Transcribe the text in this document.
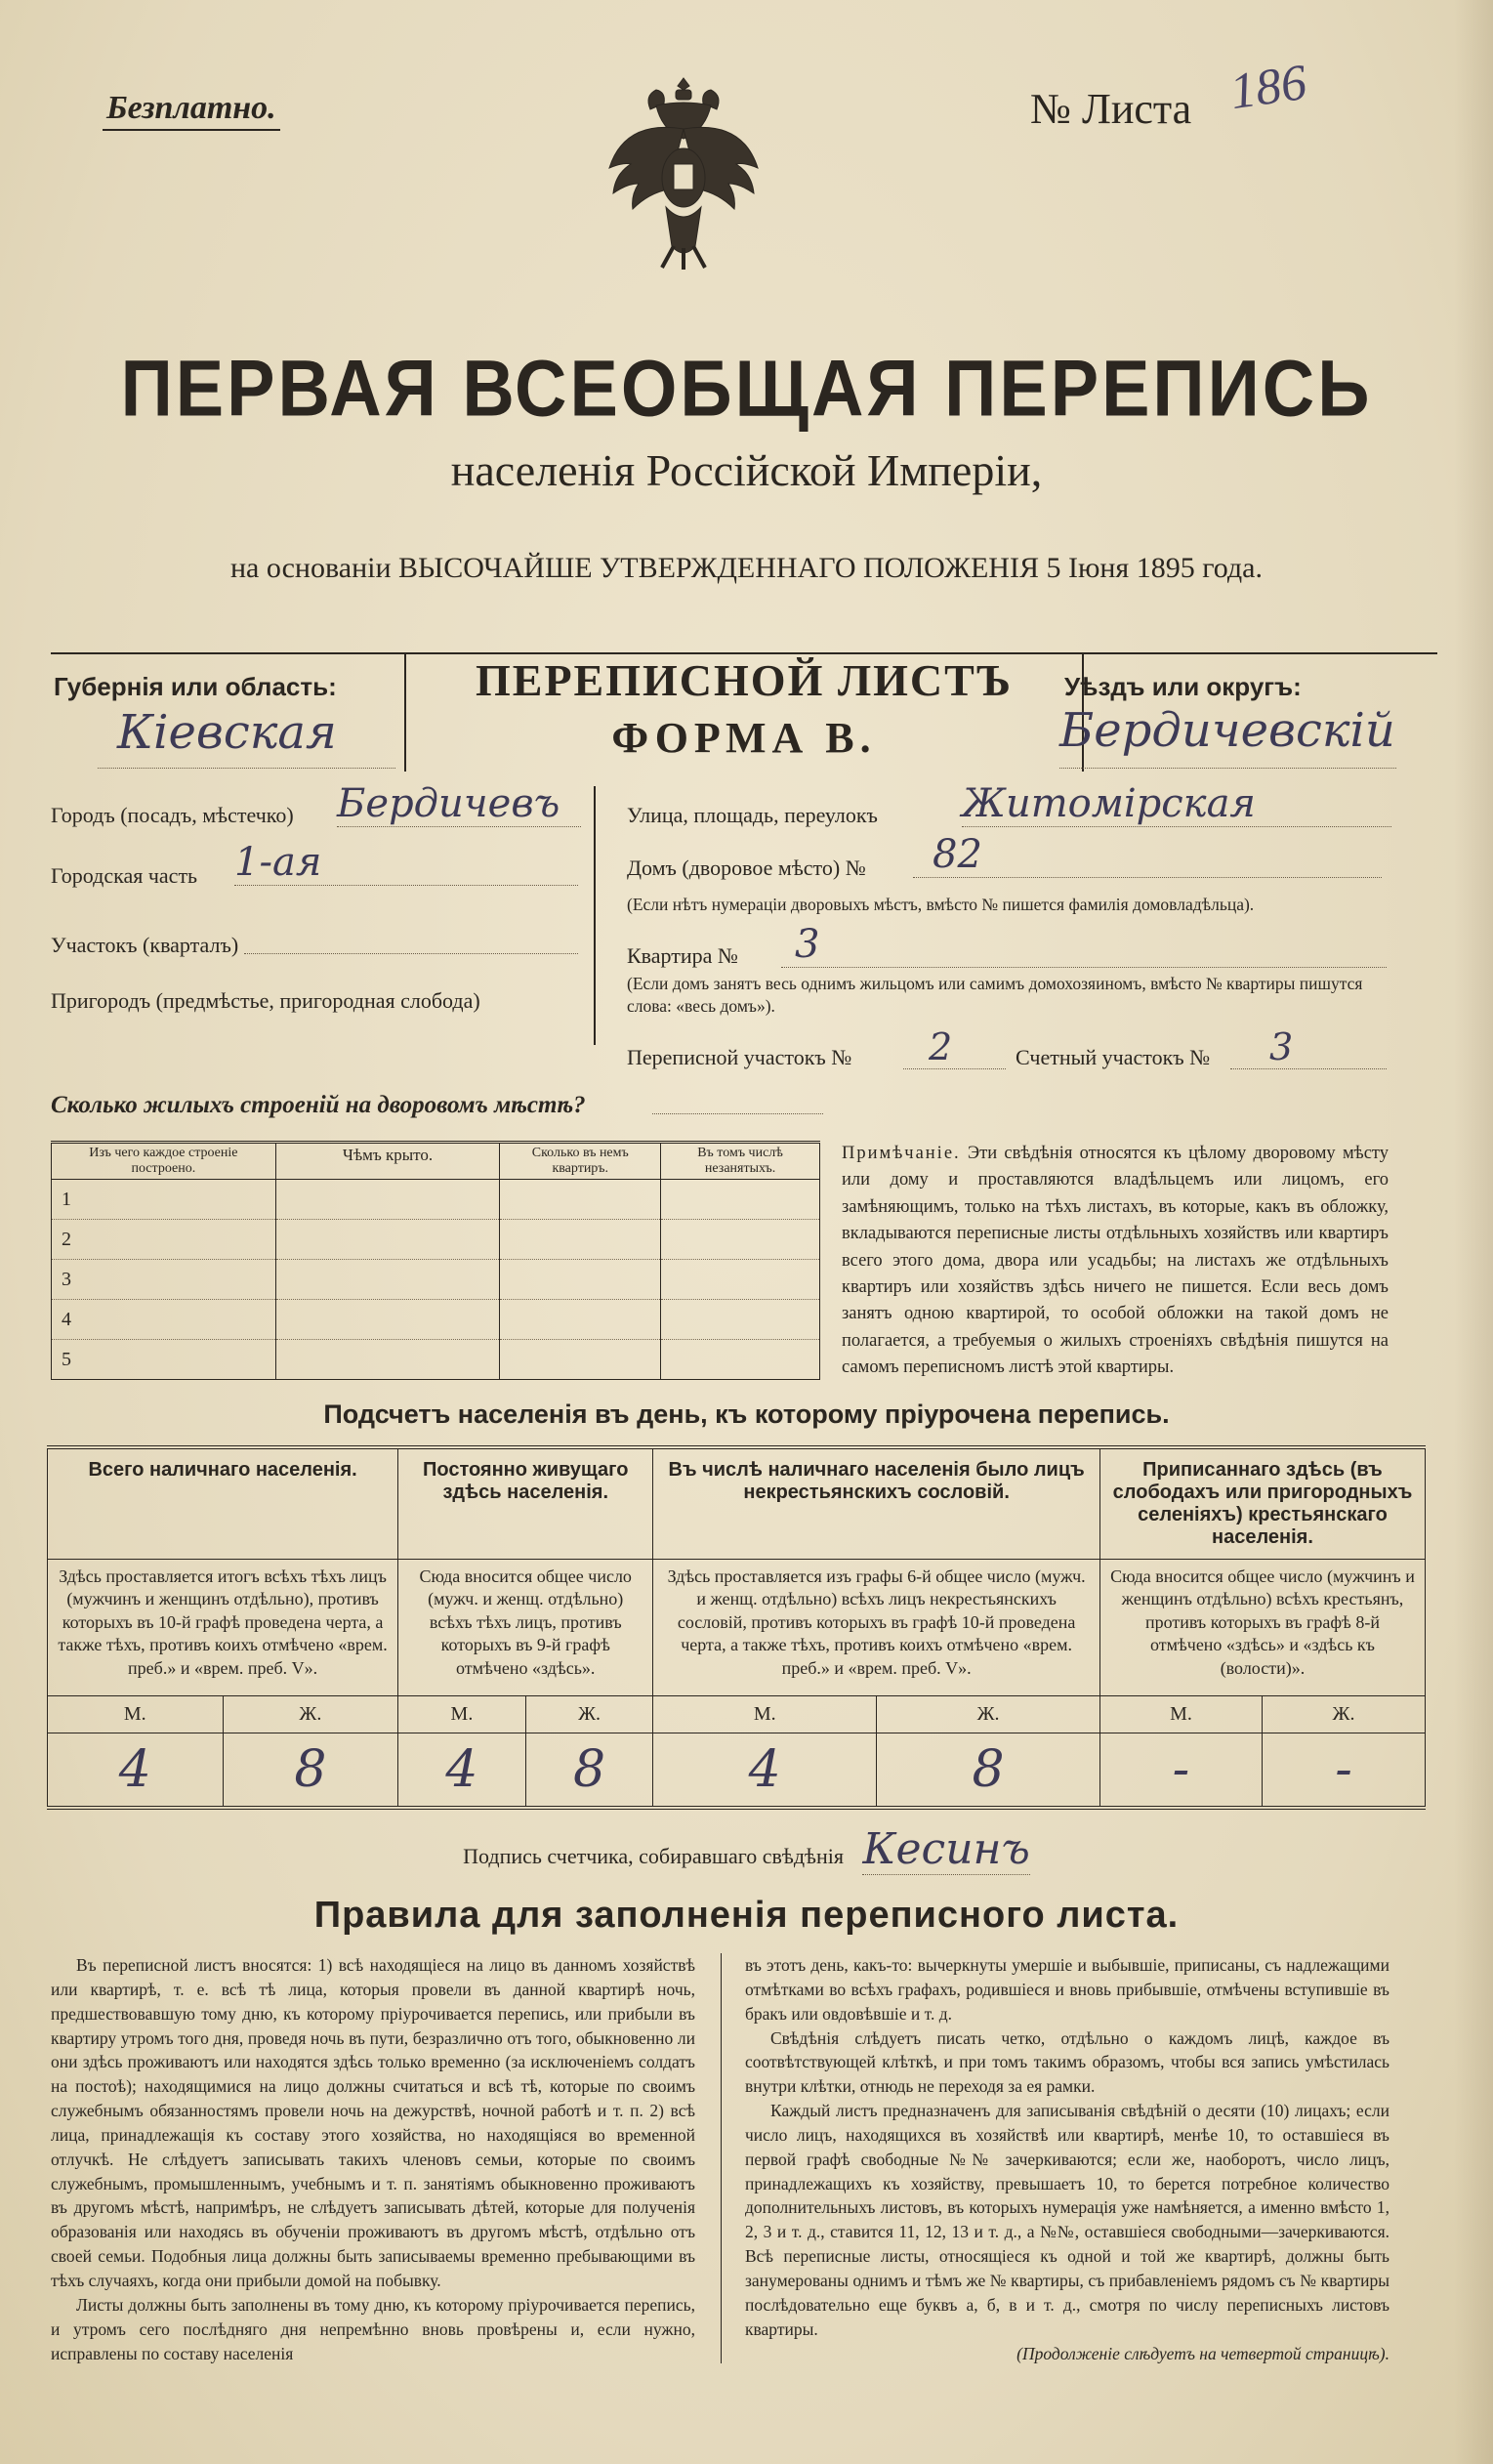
Безплатно.	№ Листа 186
ПЕРВАЯ ВСЕОБЩАЯ ПЕРЕПИСЬ
населенія Россійской Имперіи,
на основаніи ВЫСОЧАЙШЕ УТВЕРЖДЕННАГО ПОЛОЖЕНІЯ 5 Іюня 1895 года.
ПЕРЕПИСНОЙ ЛИСТЪ
ФОРМА В.
Губернія или область:
Кіевская
Уѣздъ или округъ:
Бердичевскій
Городъ (посадъ, мѣстечко) Бердичевъ
Городская часть 1-ая
Участокъ (кварталъ)
Пригородъ (предмѣстье, пригородная слобода)
Улица, площадь, переулокъ Житомірская
Домъ (дворовое мѣсто) №	82
(Если нѣтъ нумераціи дворовыхъ мѣстъ, вмѣсто № пишется фамилія домовладѣльца).
Квартира №	3
(Если домъ занятъ весь однимъ жильцомъ или самимъ домохозяиномъ, вмѣсто № квартиры пишутся слова: «весь домъ»).
Переписной участокъ №	2	Счетный участокъ №	3
Сколько жилыхъ строеній на дворовомъ мѣстѣ?
Изъ чего каждое строеніе построено.	Чѣмъ крыто.	Сколько въ немъ квартиръ.	Въ томъ числѣ незанятыхъ.
1			
2			
3			
4			
5			
Примѣчаніе. Эти свѣдѣнія относятся къ цѣлому дворовому мѣсту или дому и проставляются владѣльцемъ или лицомъ, его замѣняющимъ, только на тѣхъ листахъ, въ которые, какъ въ обложку, вкладываются переписные листы отдѣльныхъ хозяйствъ или квартиръ всего этого дома, двора или усадьбы; на листахъ же отдѣльныхъ квартиръ или хозяйствъ здѣсь ничего не пишется. Если весь домъ занятъ одною квартирой, то особой обложки на такой домъ не полагается, а требуемыя о жилыхъ строеніяхъ свѣдѣнія пишутся на самомъ переписномъ листѣ этой квартиры.
Подсчетъ населенія въ день, къ которому пріурочена перепись.
Всего наличнаго населенія.		Постоянно живущаго здѣсь населенія.		Въ числѣ наличнаго населенія было лицъ некрестьянскихъ сословій.		Приписаннаго здѣсь (въ слободахъ или пригородныхъ селеніяхъ) крестьянскаго населенія.	
Здѣсь проставляется итогъ всѣхъ тѣхъ лицъ (мужчинъ и женщинъ отдѣльно), противъ которыхъ въ 10-й графѣ проведена черта, а также тѣхъ, противъ коихъ отмѣчено «врем. преб.» и «врем. преб. V».		Сюда вносится общее число (мужч. и женщ. отдѣльно) всѣхъ тѣхъ лицъ, противъ которыхъ въ 9-й графѣ отмѣчено «здѣсь».		Здѣсь проставляется изъ графы 6-й общее число (мужч. и женщ. отдѣльно) всѣхъ лицъ некрестьянскихъ сословій, противъ которыхъ въ графѣ 10-й проведена черта, а также тѣхъ, противъ коихъ отмѣчено «врем. преб.» и «врем. преб. V».		Сюда вносится общее число (мужчинъ и женщинъ отдѣльно) всѣхъ крестьянъ, противъ которыхъ въ графѣ 8-й отмѣчено «здѣсь» и «здѣсь къ (волости)».	
М.	Ж.	М.	Ж.	М.	Ж.	М.	Ж.
4	8	4	8	4	8	-	-
Подпись счетчика, собиравшаго свѣдѣнія Кесинъ
Правила для заполненія переписного листа.

Въ переписной листъ вносятся: 1) всѣ находящіеся на лицо въ данномъ хозяйствѣ или квартирѣ, т. е. всѣ тѣ лица, которыя провели въ данной квартирѣ ночь, предшествовавшую тому дню, къ которому пріурочивается перепись, или прибыли въ квартиру утромъ того дня, проведя ночь въ пути, безразлично отъ того, обыкновенно ли они здѣсь проживаютъ или находятся здѣсь только временно (за исключеніемъ солдатъ на постоѣ); находящимися на лицо должны считаться и всѣ тѣ, которые по своимъ служебнымъ обязанностямъ провели ночь на дежурствѣ, ночной работѣ и т. п. 2) всѣ лица, принадлежащія къ составу этого хозяйства, но находящіяся во временной отлучкѣ. Не слѣдуетъ записывать такихъ членовъ семьи, которые по своимъ служебнымъ, промышленнымъ, учебнымъ и т. п. занятіямъ обыкновенно проживаютъ въ другомъ мѣстѣ, напримѣръ, не слѣдуетъ записывать дѣтей, которые для полученія образованія или находясь въ обученіи проживаютъ въ другомъ мѣстѣ, отдѣльно отъ своей семьи. Подобныя лица должны быть записываемы временно пребывающими въ тѣхъ случаяхъ, когда они прибыли домой на побывку.

Листы должны быть заполнены въ тому дню, къ которому пріурочивается перепись, и утромъ сего послѣдняго дня непремѣнно вновь провѣрены и, если нужно, исправлены по составу населенія

въ этотъ день, какъ-то: вычеркнуты умершіе и выбывшіе, приписаны, съ надлежащими отмѣтками во всѣхъ графахъ, родившіеся и вновь прибывшіе, отмѣчены вступившіе въ бракъ или овдовѣвшіе и т. д.

Свѣдѣнія слѣдуетъ писать четко, отдѣльно о каждомъ лицѣ, каждое въ соотвѣтствующей клѣткѣ, и при томъ такимъ образомъ, чтобы вся запись умѣстилась внутри клѣтки, отнюдь не переходя за ея рамки.

Каждый листъ предназначенъ для записыванія свѣдѣній о десяти (10) лицахъ; если число лицъ, находящихся въ хозяйствѣ или квартирѣ, менѣе 10, то оставшіеся въ первой графѣ свободные №№ зачеркиваются; если же, наоборотъ, число лицъ, принадлежащихъ къ хозяйству, превышаетъ 10, то берется потребное количество дополнительныхъ листовъ, въ которыхъ нумерація уже намѣняется, а именно вмѣсто 1, 2, 3 и т. д., ставится 11, 12, 13 и т. д., а №№, оставшіеся свободными—зачеркиваются. Всѣ переписные листы, относящіеся къ одной и той же квартирѣ, должны быть занумерованы однимъ и тѣмъ же № квартиры, съ прибавленіемъ рядомъ съ № квартиры послѣдовательно еще буквъ а, б, в и т. д., смотря по числу переписныхъ листовъ квартиры.

(Продолженіе слѣдуетъ на четвертой страницѣ).
